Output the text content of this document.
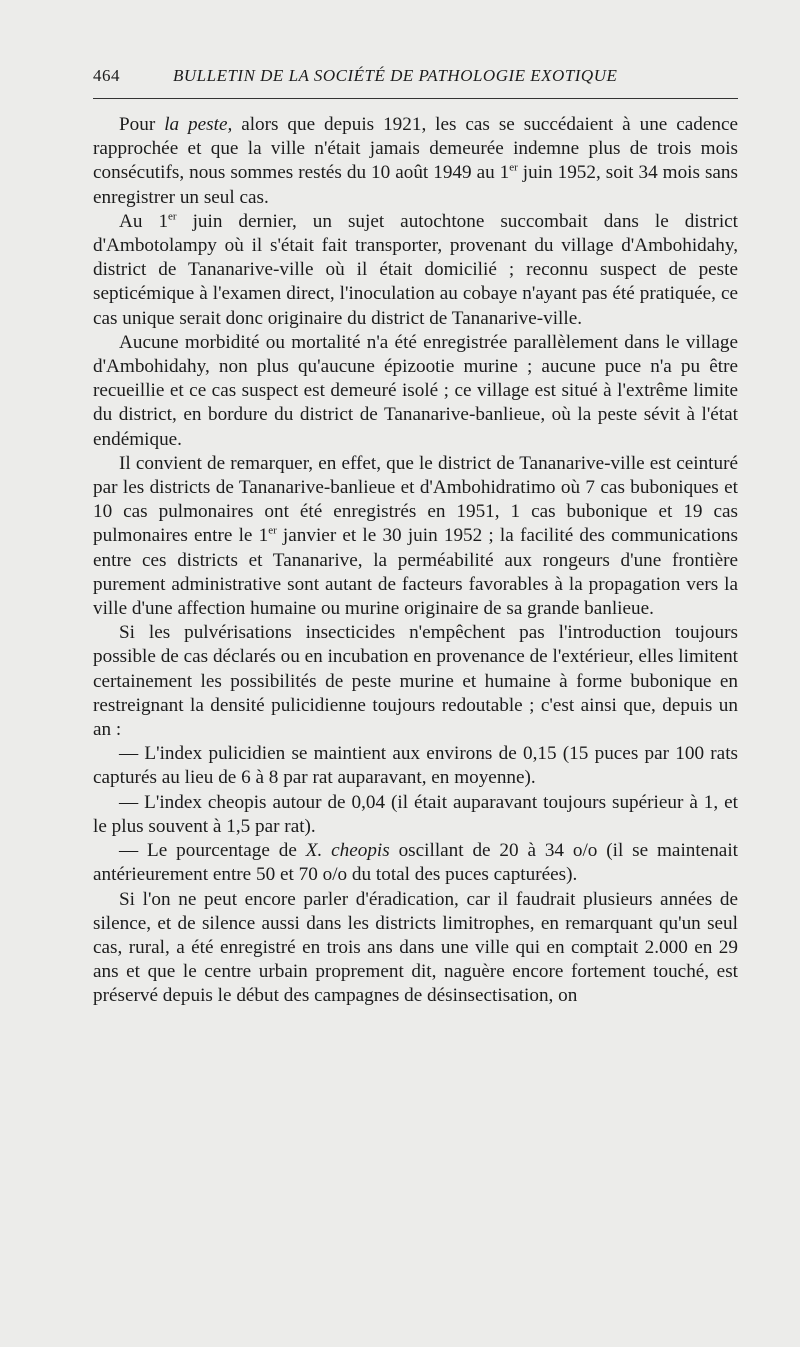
464	BULLETIN DE LA SOCIÉTÉ DE PATHOLOGIE EXOTIQUE

Pour la peste, alors que depuis 1921, les cas se succédaient à une cadence rapprochée et que la ville n'était jamais demeurée indemne plus de trois mois consécutifs, nous sommes restés du 10 août 1949 au 1er juin 1952, soit 34 mois sans enregistrer un seul cas.

Au 1er juin dernier, un sujet autochtone succombait dans le district d'Ambotolampy où il s'était fait transporter, provenant du village d'Ambohidahy, district de Tananarive-ville où il était domicilié ; reconnu suspect de peste septicémique à l'examen direct, l'inoculation au cobaye n'ayant pas été pratiquée, ce cas unique serait donc originaire du district de Tananarive-ville.

Aucune morbidité ou mortalité n'a été enregistrée parallèlement dans le village d'Ambohidahy, non plus qu'aucune épizootie murine ; aucune puce n'a pu être recueillie et ce cas suspect est demeuré isolé ; ce village est situé à l'extrême limite du district, en bordure du district de Tananarive-banlieue, où la peste sévit à l'état endémique.

Il convient de remarquer, en effet, que le district de Tananarive-ville est ceinturé par les districts de Tananarive-banlieue et d'Ambohidratimo où 7 cas buboniques et 10 cas pulmonaires ont été enregistrés en 1951, 1 cas bubonique et 19 cas pulmonaires entre le 1er janvier et le 30 juin 1952 ; la facilité des communications entre ces districts et Tananarive, la perméabilité aux rongeurs d'une frontière purement administrative sont autant de facteurs favorables à la propagation vers la ville d'une affection humaine ou murine originaire de sa grande banlieue.

Si les pulvérisations insecticides n'empêchent pas l'introduction toujours possible de cas déclarés ou en incubation en provenance de l'extérieur, elles limitent certainement les possibilités de peste murine et humaine à forme bubonique en restreignant la densité pulicidienne toujours redoutable ; c'est ainsi que, depuis un an :

— L'index pulicidien se maintient aux environs de 0,15 (15 puces par 100 rats capturés au lieu de 6 à 8 par rat auparavant, en moyenne).

— L'index cheopis autour de 0,04 (il était auparavant toujours supérieur à 1, et le plus souvent à 1,5 par rat).

— Le pourcentage de X. cheopis oscillant de 20 à 34 o/o (il se maintenait antérieurement entre 50 et 70 o/o du total des puces capturées).

Si l'on ne peut encore parler d'éradication, car il faudrait plusieurs années de silence, et de silence aussi dans les districts limitrophes, en remarquant qu'un seul cas, rural, a été enregistré en trois ans dans une ville qui en comptait 2.000 en 29 ans et que le centre urbain proprement dit, naguère encore fortement touché, est préservé depuis le début des campagnes de désinsectisation, on
